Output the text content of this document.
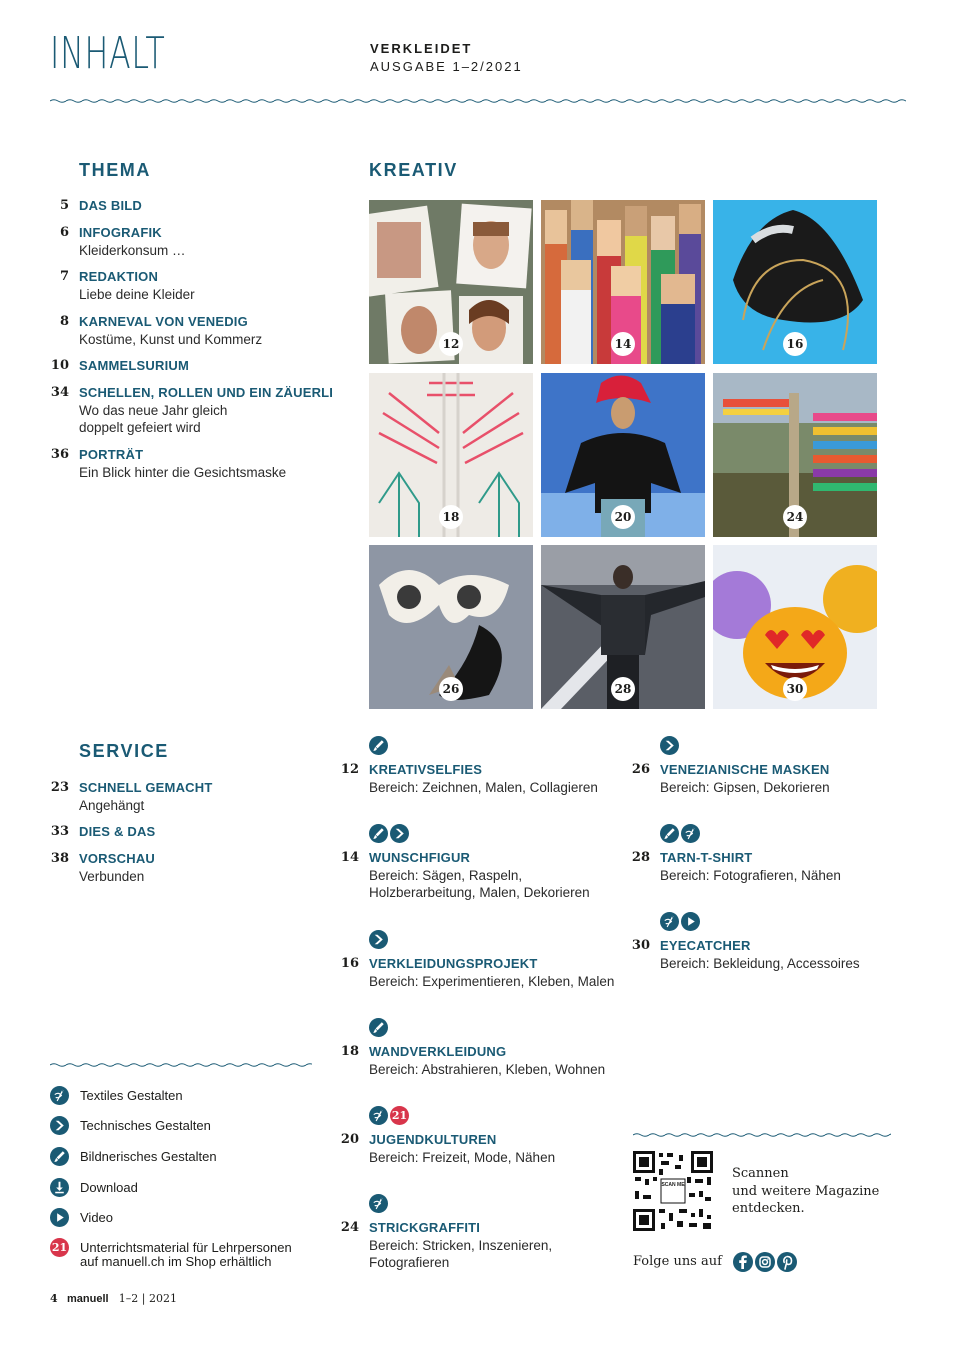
INHALT	VERKLEIDET
AUSGABE 1–2/2021
THEMA
5 DAS BILD
6 INFOGRAFIK
Kleiderkonsum …
7 REDAKTION
Liebe deine Kleider
8 KARNEVAL VON VENEDIG
Kostüme, Kunst und Kommerz
10 SAMMELSURIUM
34 SCHELLEN, ROLLEN UND EIN ZÄUERLI
Wo das neue Jahr gleich
doppelt gefeiert wird
36 PORTRÄT
Ein Blick hinter die Gesichtsmaske
KREATIV
12	14	16
18	20	24
26	28	30
SERVICE
23 SCHNELL GEMACHT
Angehängt
33 DIES & DAS
38 VORSCHAU
Verbunden
12 KREATIVSELFIES
Bereich: Zeichnen, Malen, Collagieren
14 WUNSCHFIGUR
Bereich: Sägen, Raspeln,
Holzberarbeitung, Malen, Dekorieren
16 VERKLEIDUNGSPROJEKT
Bereich: Experimentieren, Kleben, Malen
18 WANDVERKLEIDUNG
Bereich: Abstrahieren, Kleben, Wohnen
21
20 JUGENDKULTUREN
Bereich: Freizeit, Mode, Nähen
24 STRICKGRAFFITI
Bereich: Stricken, Inszenieren,
Fotografieren
26 VENEZIANISCHE MASKEN
Bereich: Gipsen, Dekorieren
28 TARN-T-SHIRT
Bereich: Fotografieren, Nähen
30 EYECATCHER
Bereich: Bekleidung, Accessoires
Textiles Gestalten
Technisches Gestalten
Bildnerisches Gestalten
Download
Video
21 Unterrichtsmaterial für Lehrpersonen
auf manuell.ch im Shop erhältlich
SCAN ME
Scannen
und weitere Magazine
entdecken.
Folge uns auf
4 manuell 1–2 | 2021
